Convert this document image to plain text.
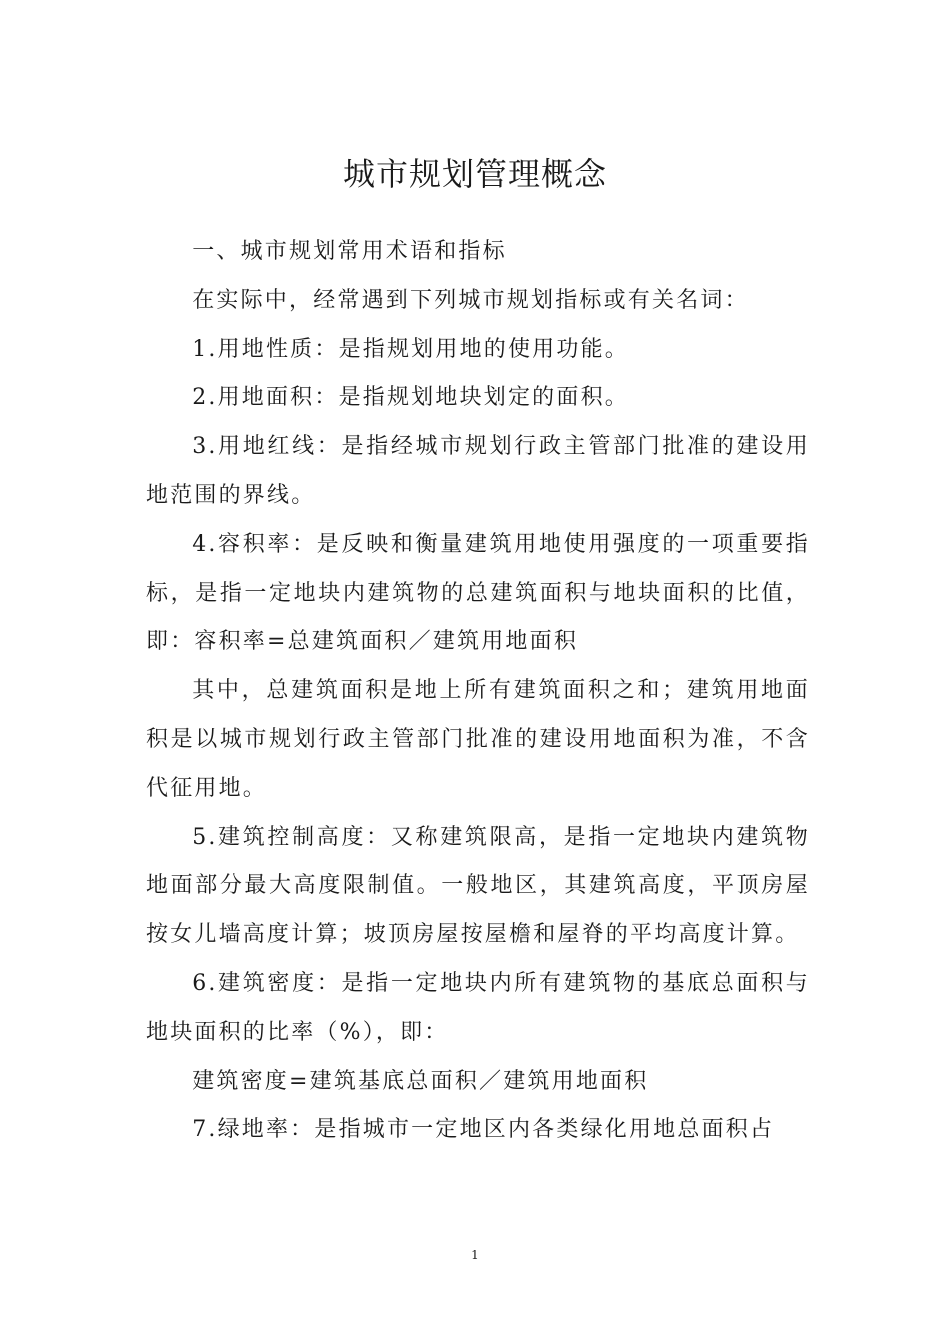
城市规划管理概念

一、城市规划常用术语和指标

在实际中，经常遇到下列城市规划指标或有关名词：

1.用地性质：是指规划用地的使用功能。

2.用地面积：是指规划地块划定的面积。

3.用地红线：是指经城市规划行政主管部门批准的建设用地范围的界线。

4.容积率：是反映和衡量建筑用地使用强度的一项重要指标，是指一定地块内建筑物的总建筑面积与地块面积的比值，即：容积率=总建筑面积／建筑用地面积

其中，总建筑面积是地上所有建筑面积之和；建筑用地面积是以城市规划行政主管部门批准的建设用地面积为准，不含代征用地。

5.建筑控制高度：又称建筑限高，是指一定地块内建筑物地面部分最大高度限制值。一般地区，其建筑高度，平顶房屋按女儿墙高度计算；坡顶房屋按屋檐和屋脊的平均高度计算。

6.建筑密度：是指一定地块内所有建筑物的基底总面积与地块面积的比率（%），即：

建筑密度=建筑基底总面积／建筑用地面积

7.绿地率：是指城市一定地区内各类绿化用地总面积占

1
